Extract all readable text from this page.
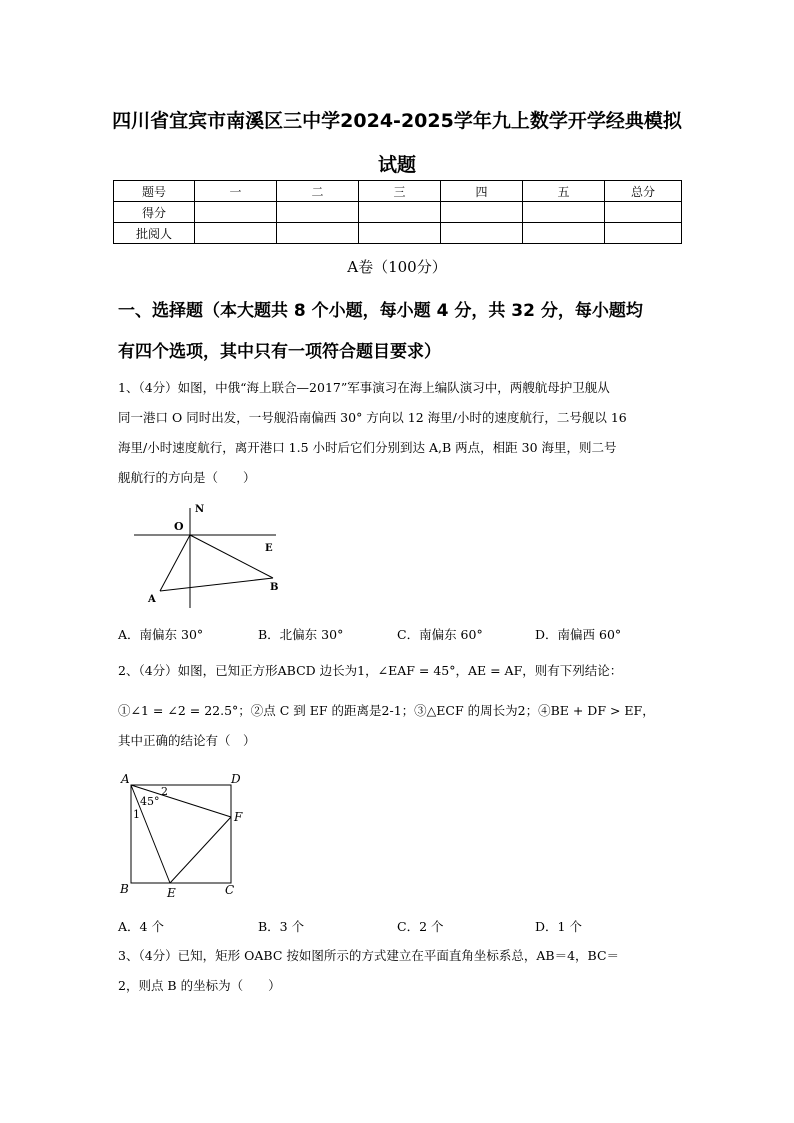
四川省宜宾市南溪区三中学2024-2025学年九上数学开学经典模拟
试题
题号	一	二	三	四	五	总分
得分						
批阅人						
A卷（100分）
一、选择题（本大题共 8 个小题，每小题 4 分，共 32 分，每小题均
有四个选项，其中只有一项符合题目要求）
1、（4分）如图，中俄“海上联合—2017”军事演习在海上编队演习中，两艘航母护卫舰从
同一港口 O 同时出发，一号舰沿南偏西 30° 方向以 12 海里/小时的速度航行，二号舰以 16
海里/小时速度航行，离开港口 1.5 小时后它们分别到达 A,B 两点，相距 30 海里，则二号
舰航行的方向是（　　）
N
O
E
A
B
A．南偏东 30°	B．北偏东 30°	C．南偏东 60°	D．南偏西 60°
2、（4分）如图，已知正方形ABCD 边长为1，∠EAF = 45°，AE = AF，则有下列结论：
①∠1 = ∠2 = 22.5°；②点 C 到 EF 的距离是2-1；③△ECF 的周长为2；④BE + DF > EF，
其中正确的结论有（　）
A	D
B	C
E
F
45°
1
2
A．4 个	B．3 个	C．2 个	D．1 个
3、（4分）已知，矩形 OABC 按如图所示的方式建立在平面直角坐标系总，AB＝4，BC＝
2，则点 B 的坐标为（　　）
